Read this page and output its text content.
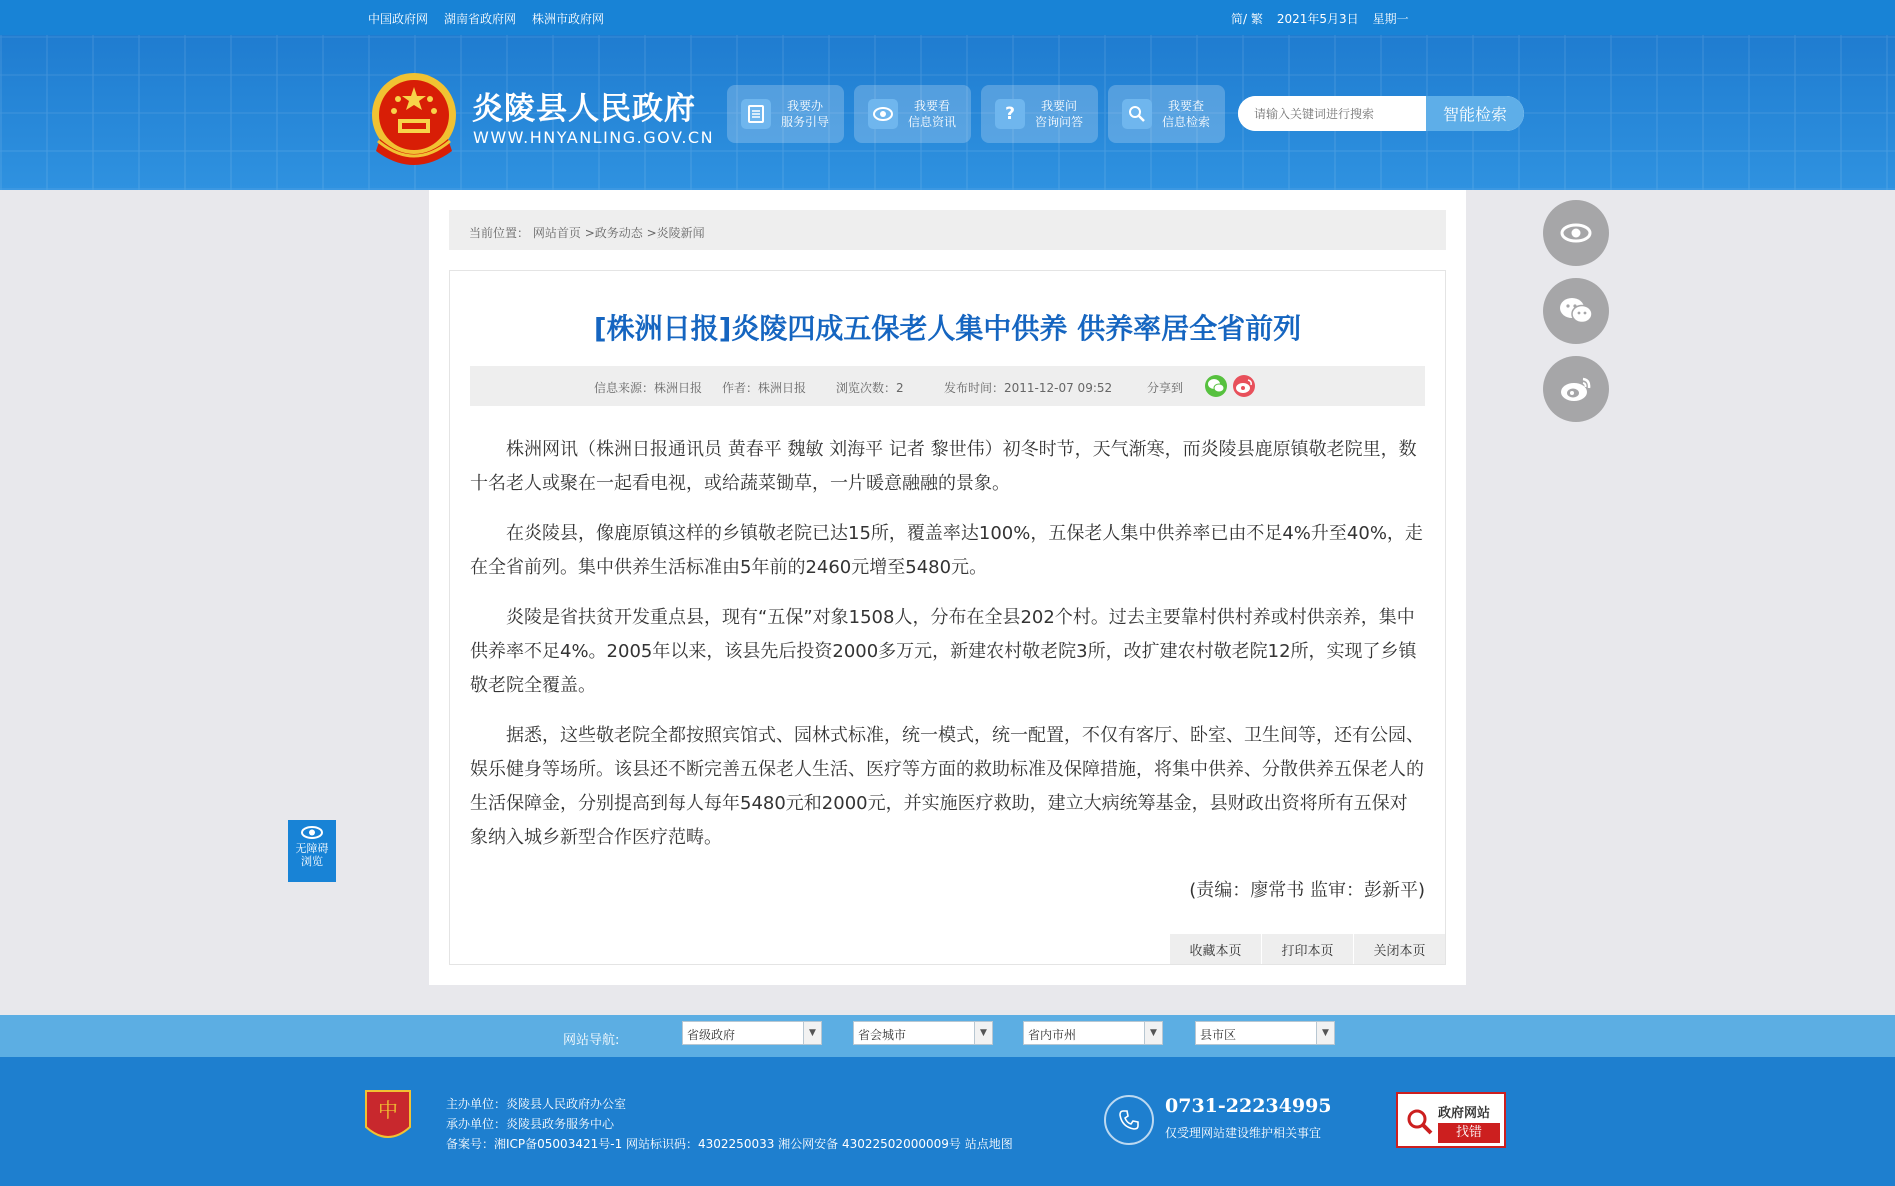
中国政府网 湖南省政府网 株洲市政府网	简/ 繁 2021年5月3日 星期一
炎陵县人民政府
WWW.HNYANLING.GOV.CN
我要办
服务引导
我要看
信息资讯	?	我要问
咨询问答
我要查
信息检索
请输入关键词进行搜索	智能检索
无障碍
浏览
当前位置： 网站首页 >政务动态 >炎陵新闻
[株洲日报]炎陵四成五保老人集中供养 供养率居全省前列
信息来源：株洲日报 作者：株洲日报 浏览次数：2	发布时间：2011-12-07 09:52	分享到

株洲网讯（株洲日报通讯员 黄春平 魏敏 刘海平 记者 黎世伟）初冬时节，天气渐寒，而炎陵县鹿原镇敬老院里，数十名老人或聚在一起看电视，或给蔬菜锄草，一片暖意融融的景象。

在炎陵县，像鹿原镇这样的乡镇敬老院已达15所，覆盖率达100%，五保老人集中供养率已由不足4%升至40%，走在全省前列。集中供养生活标准由5年前的2460元增至5480元。

炎陵是省扶贫开发重点县，现有“五保”对象1508人，分布在全县202个村。过去主要靠村供村养或村供亲养，集中供养率不足4%。2005年以来，该县先后投资2000多万元，新建农村敬老院3所，改扩建农村敬老院12所，实现了乡镇敬老院全覆盖。

据悉，这些敬老院全都按照宾馆式、园林式标准，统一模式，统一配置，不仅有客厅、卧室、卫生间等，还有公园、娱乐健身等场所。该县还不断完善五保老人生活、医疗等方面的救助标准及保障措施，将集中供养、分散供养五保老人的生活保障金，分别提高到每人每年5480元和2000元，并实施医疗救助，建立大病统筹基金，县财政出资将所有五保对象纳入城乡新型合作医疗范畴。

(责编：廖常书 监审：彭新平)
收藏本页	打印本页	关闭本页
网站导航:	省级政府	▼	省会城市	▼	省内市州	▼	县市区	▼
中	主办单位：炎陵县人民政府办公室
承办单位：炎陵县政务服务中心
备案号：湘ICP备05003421号-1 网站标识码：4302250033 湘公网安备 43022502000009号 站点地图
0731-22234995
仅受理网站建设维护相关事宜
政府网站
找错
